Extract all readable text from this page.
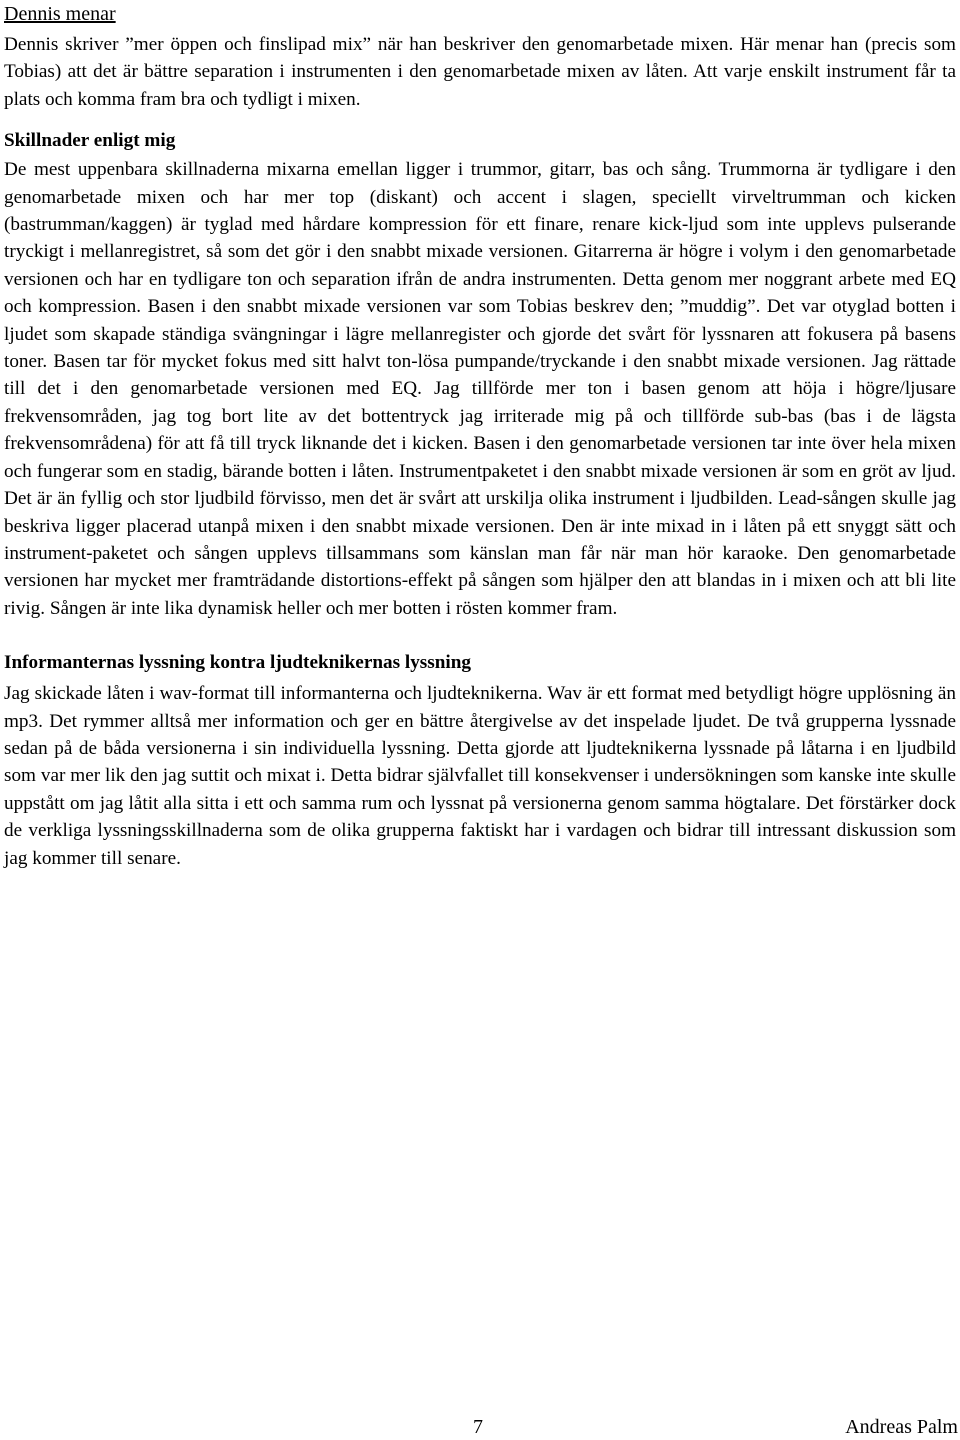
Dennis menar

Dennis skriver ”mer öppen och finslipad mix” när han beskriver den genomarbetade mixen. Här menar han (precis som Tobias) att det är bättre separation i instrumenten i den genomarbetade mixen av låten. Att varje enskilt instrument får ta plats och komma fram bra och tydligt i mixen.

Skillnader enligt mig

De mest uppenbara skillnaderna mixarna emellan ligger i trummor, gitarr, bas och sång. Trummorna är tydligare i den genomarbetade mixen och har mer top (diskant) och accent i slagen, speciellt virveltrumman och kicken (bastrumman/kaggen) är tyglad med hårdare kompression för ett finare, renare kick-ljud som inte upplevs pulserande tryckigt i mellanregistret, så som det gör i den snabbt mixade versionen. Gitarrerna är högre i volym i den genomarbetade versionen och har en tydligare ton och separation ifrån de andra instrumenten. Detta genom mer noggrant arbete med EQ och kompression. Basen i den snabbt mixade versionen var som Tobias beskrev den; ”muddig”. Det var otyglad botten i ljudet som skapade ständiga svängningar i lägre mellanregister och gjorde det svårt för lyssnaren att fokusera på basens toner. Basen tar för mycket fokus med sitt halvt ton-lösa pumpande/tryckande i den snabbt mixade versionen. Jag rättade till det i den genomarbetade versionen med EQ. Jag tillförde mer ton i basen genom att höja i högre/ljusare frekvensområden, jag tog bort lite av det bottentryck jag irriterade mig på och tillförde sub-bas (bas i de lägsta frekvensområdena) för att få till tryck liknande det i kicken. Basen i den genomarbetade versionen tar inte över hela mixen och fungerar som en stadig, bärande botten i låten. Instrumentpaketet i den snabbt mixade versionen är som en gröt av ljud. Det är än fyllig och stor ljudbild förvisso, men det är svårt att urskilja olika instrument i ljudbilden. Lead-sången skulle jag beskriva ligger placerad utanpå mixen i den snabbt mixade versionen. Den är inte mixad in i låten på ett snyggt sätt och instrument-paketet och sången upplevs tillsammans som känslan man får när man hör karaoke. Den genomarbetade versionen har mycket mer framträdande distortions-effekt på sången som hjälper den att blandas in i mixen och att bli lite rivig. Sången är inte lika dynamisk heller och mer botten i rösten kommer fram.

Informanternas lyssning kontra ljudteknikernas lyssning

Jag skickade låten i wav-format till informanterna och ljudteknikerna. Wav är ett format med betydligt högre upplösning än mp3. Det rymmer alltså mer information och ger en bättre återgivelse av det inspelade ljudet. De två grupperna lyssnade sedan på de båda versionerna i sin individuella lyssning. Detta gjorde att ljudteknikerna lyssnade på låtarna i en ljudbild som var mer lik den jag suttit och mixat i. Detta bidrar självfallet till konsekvenser i undersökningen som kanske inte skulle uppstått om jag låtit alla sitta i ett och samma rum och lyssnat på versionerna genom samma högtalare. Det förstärker dock de verkliga lyssningsskillnaderna som de olika grupperna faktiskt har i vardagen och bidrar till intressant diskussion som jag kommer till senare.

7	Andreas Palm
